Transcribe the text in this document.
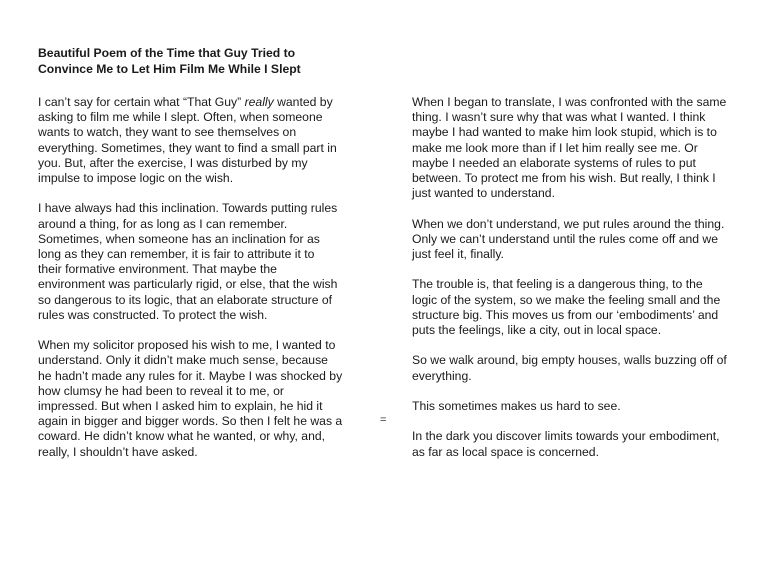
Beautiful Poem of the Time that Guy Tried to
Convince Me to Let Him Film Me While I Slept
I can’t say for certain what “That Guy” really wanted by
asking to film me while I slept. Often, when someone
wants to watch, they want to see themselves on
everything. Sometimes, they want to find a small part in
you. But, after the exercise, I was disturbed by my
impulse to impose logic on the wish.
I have always had this inclination. Towards putting rules
around a thing, for as long as I can remember.
Sometimes, when someone has an inclination for as
long as they can remember, it is fair to attribute it to
their formative environment. That maybe the
environment was particularly rigid, or else, that the wish
so dangerous to its logic, that an elaborate structure of
rules was constructed. To protect the wish.
When my solicitor proposed his wish to me, I wanted to
understand. Only it didn’t make much sense, because
he hadn’t made any rules for it. Maybe I was shocked by
how clumsy he had been to reveal it to me, or
impressed. But when I asked him to explain, he hid it
again in bigger and bigger words. So then I felt he was a
coward. He didn’t know what he wanted, or why, and,
really, I shouldn’t have asked.
=
When I began to translate, I was confronted with the same
thing. I wasn’t sure why that was what I wanted. I think
maybe I had wanted to make him look stupid, which is to
make me look more than if I let him really see me. Or
maybe I needed an elaborate systems of rules to put
between. To protect me from his wish. But really, I think I
just wanted to understand.
When we don’t understand, we put rules around the thing.
Only we can’t understand until the rules come off and we
just feel it, finally.
The trouble is, that feeling is a dangerous thing, to the
logic of the system, so we make the feeling small and the
structure big. This moves us from our ‘embodiments’ and
puts the feelings, like a city, out in local space.
So we walk around, big empty houses, walls buzzing off of
everything.
This sometimes makes us hard to see.
In the dark you discover limits towards your embodiment,
as far as local space is concerned.
